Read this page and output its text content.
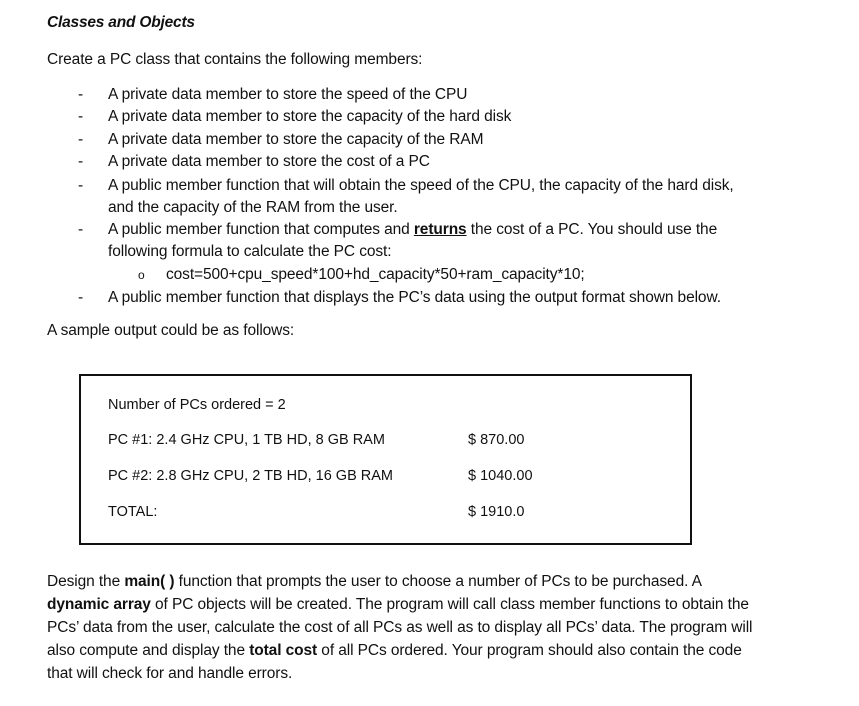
Classes and Objects
Create a PC class that contains the following members:
- A private data member to store the speed of the CPU
- A private data member to store the capacity of the hard disk
- A private data member to store the capacity of the RAM
- A private data member to store the cost of a PC
- A public member function that will obtain the speed of the CPU, the capacity of the hard disk,
and the capacity of the RAM from the user.
- A public member function that computes and returns the cost of a PC. You should use the
following formula to calculate the PC cost:
o cost=500+cpu_speed*100+hd_capacity*50+ram_capacity*10;
- A public member function that displays the PC’s data using the output format shown below.
A sample output could be as follows:
Number of PCs ordered = 2
PC #1: 2.4 GHz CPU, 1 TB HD, 8 GB RAM	$ 870.00
PC #2: 2.8 GHz CPU, 2 TB HD, 16 GB RAM	$ 1040.00
TOTAL:	$ 1910.0
Design the main( ) function that prompts the user to choose a number of PCs to be purchased. A
dynamic array of PC objects will be created. The program will call class member functions to obtain the
PCs’ data from the user, calculate the cost of all PCs as well as to display all PCs’ data. The program will
also compute and display the total cost of all PCs ordered. Your program should also contain the code
that will check for and handle errors.
